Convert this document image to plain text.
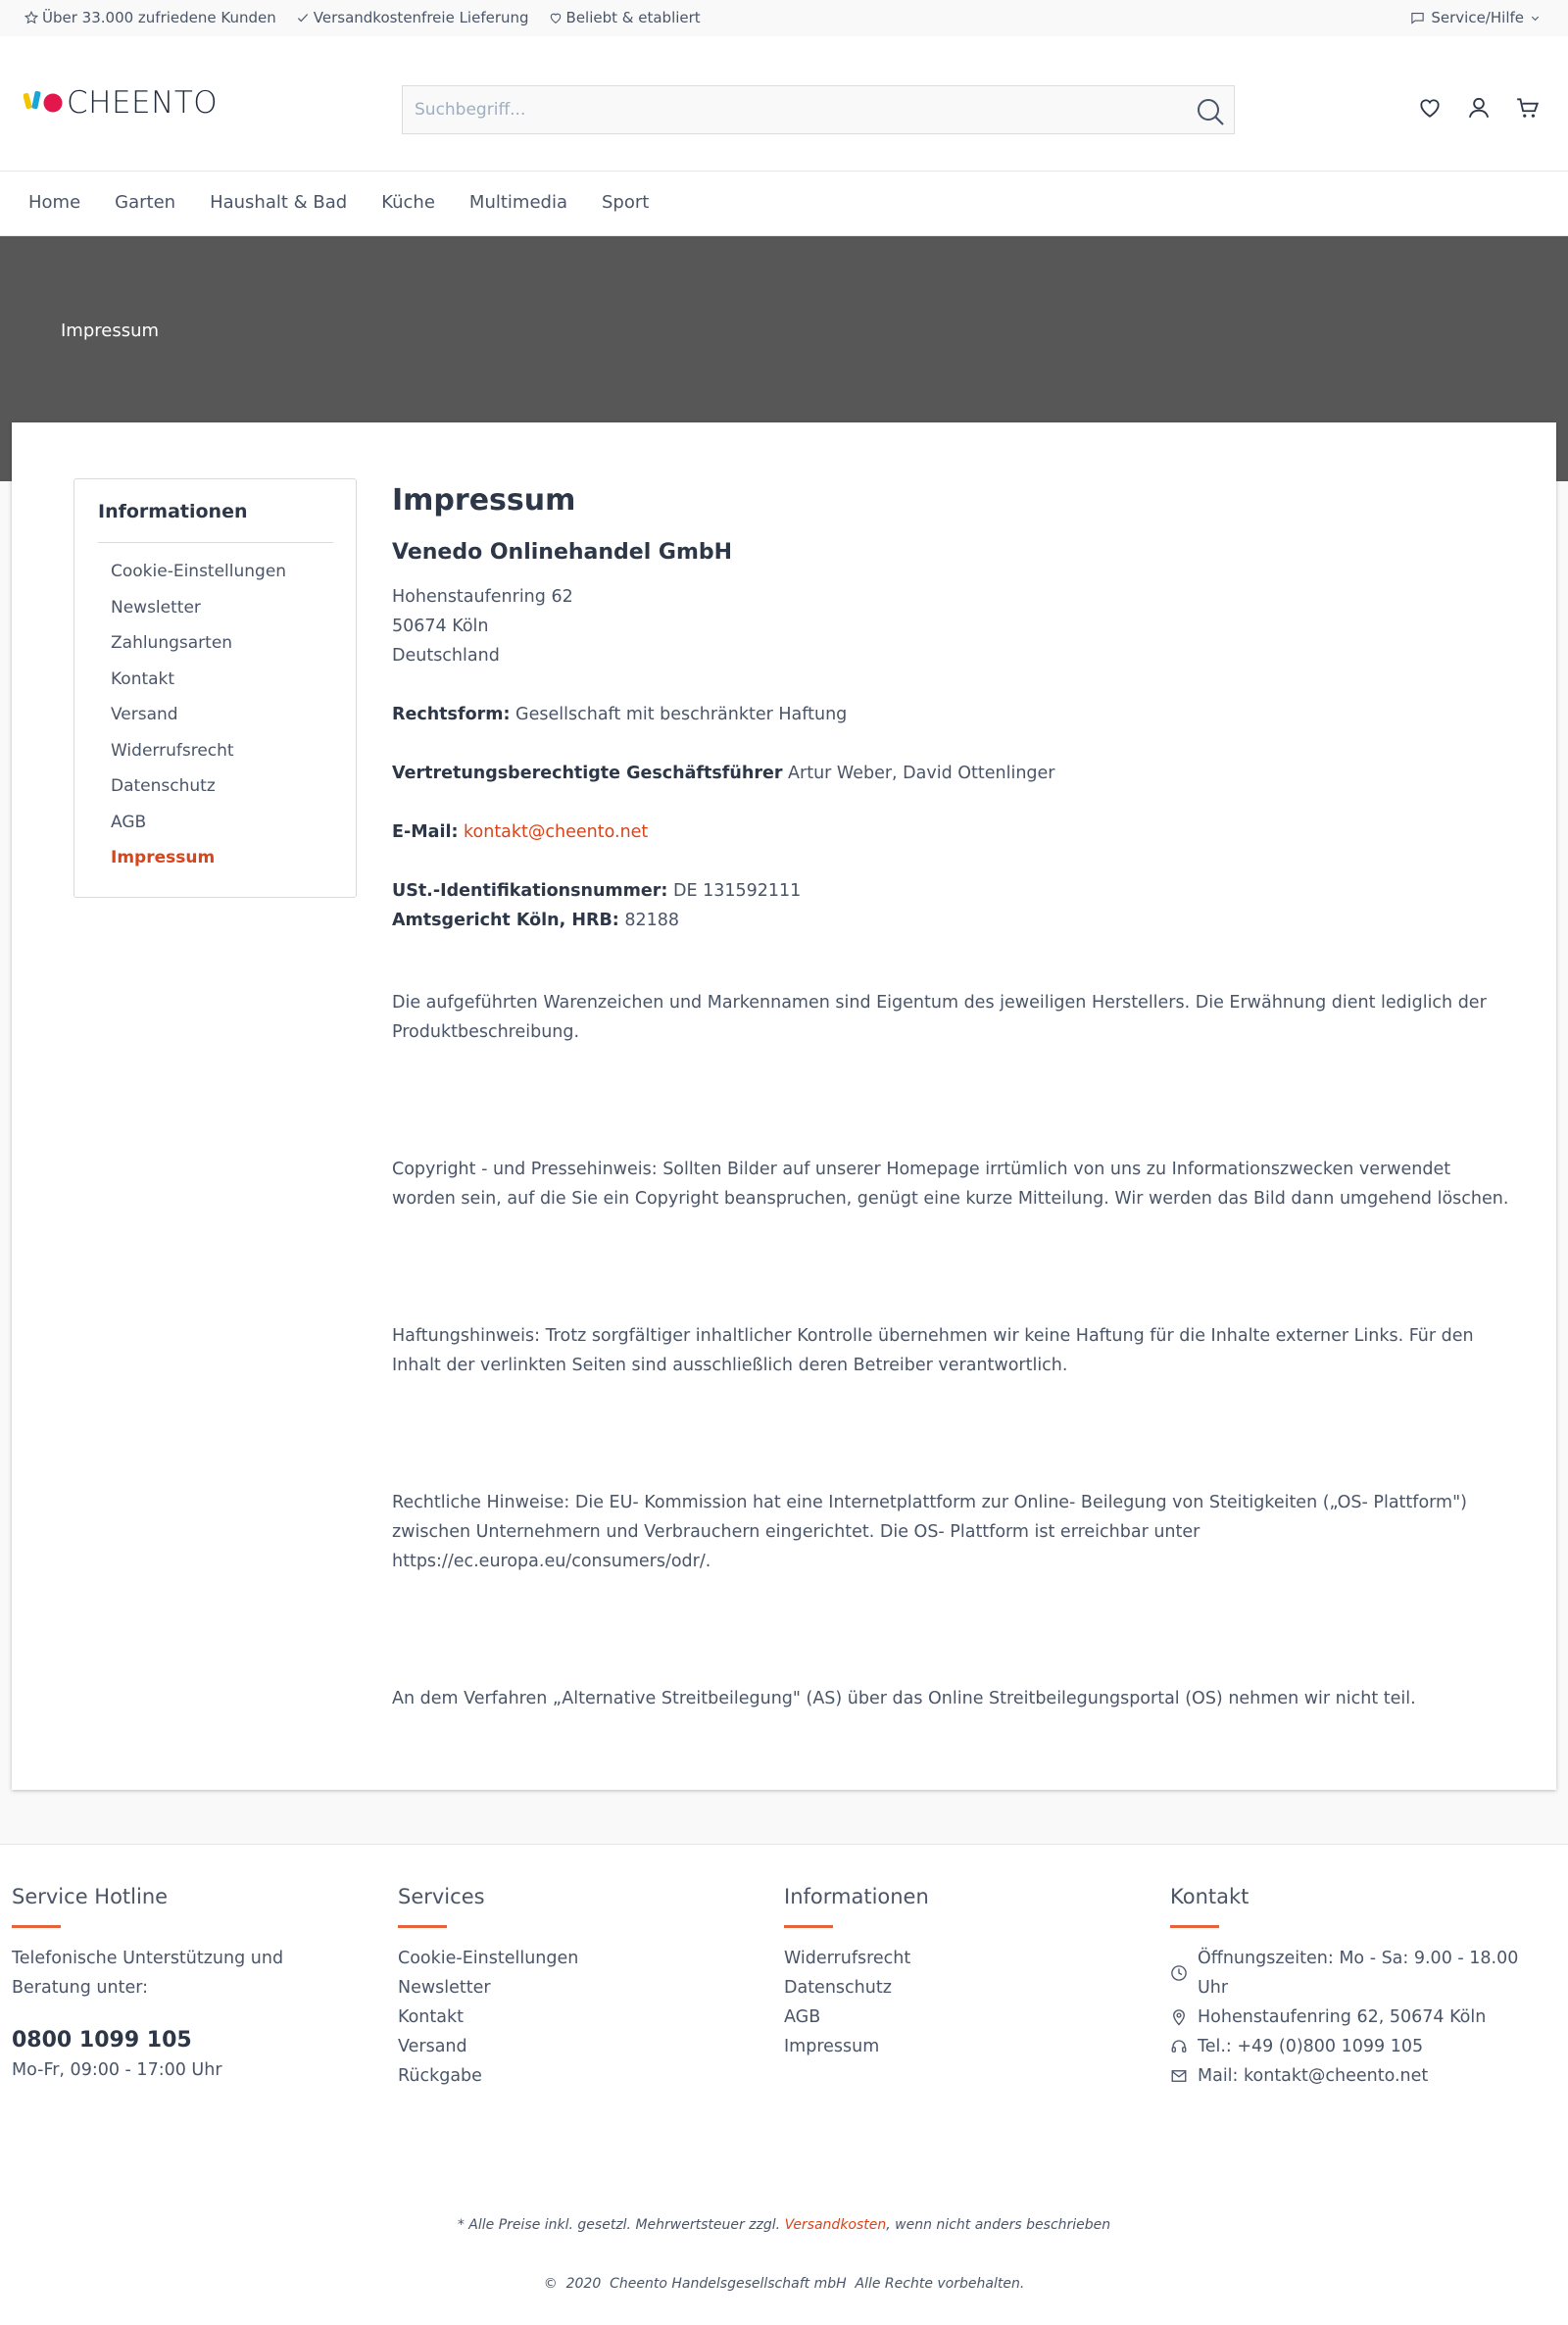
Über 33.000 zufriedene Kunden	Versandkostenfreie Lieferung	Beliebt & etabliert	Service/Hilfe
CHEENTO
Suchbegriff...
Home Garten Haushalt & Bad Küche Multimedia Sport
Impressum
Informationen
Cookie-Einstellungen
Newsletter
Zahlungsarten
Kontakt
Versand
Widerrufsrecht
Datenschutz
AGB
Impressum
Impressum
Venedo Onlinehandel GmbH
Hohenstaufenring 62
50674 Köln
Deutschland

Rechtsform: Gesellschaft mit beschränkter Haftung

Vertretungsberechtigte Geschäftsführer Artur Weber, David Ottenlinger

E-Mail: kontakt@cheento.net

USt.-Identifikationsnummer: DE 131592111

Amtsgericht Köln, HRB: 82188

Die aufgeführten Warenzeichen und Markennamen sind Eigentum des jeweiligen Herstellers. Die Erwähnung dient lediglich der Produktbeschreibung.

Copyright - und Pressehinweis: Sollten Bilder auf unserer Homepage irrtümlich von uns zu Informationszwecken verwendet worden sein, auf die Sie ein Copyright beanspruchen, genügt eine kurze Mitteilung. Wir werden das Bild dann umgehend löschen.

Haftungshinweis: Trotz sorgfältiger inhaltlicher Kontrolle übernehmen wir keine Haftung für die Inhalte externer Links. Für den Inhalt der verlinkten Seiten sind ausschließlich deren Betreiber verantwortlich.

Rechtliche Hinweise: Die EU- Kommission hat eine Internetplattform zur Online- Beilegung von Steitigkeiten („OS- Plattform") zwischen Unternehmern und Verbrauchern eingerichtet. Die OS- Plattform ist erreichbar unter https://ec.europa.eu/consumers/odr/.

An dem Verfahren „Alternative Streitbeilegung" (AS) über das Online Streitbeilegungsportal (OS) nehmen wir nicht teil.

Service Hotline

Telefonische Unterstützung und Beratung unter:

0800 1099 105

Mo-Fr, 09:00 - 17:00 Uhr

Services
Cookie-Einstellungen
Newsletter
Kontakt
Versand
Rückgabe
Informationen
Widerrufsrecht
Datenschutz
AGB
Impressum
Kontakt
Öffnungszeiten: Mo - Sa: 9.00 - 18.00 Uhr
Hohenstaufenring 62, 50674 Köln
Tel.: +49 (0)800 1099 105
Mail: kontakt@cheento.net
* Alle Preise inkl. gesetzl. Mehrwertsteuer zzgl. Versandkosten, wenn nicht anders beschrieben
©  2020  Cheento Handelsgesellschaft mbH  Alle Rechte vorbehalten.
